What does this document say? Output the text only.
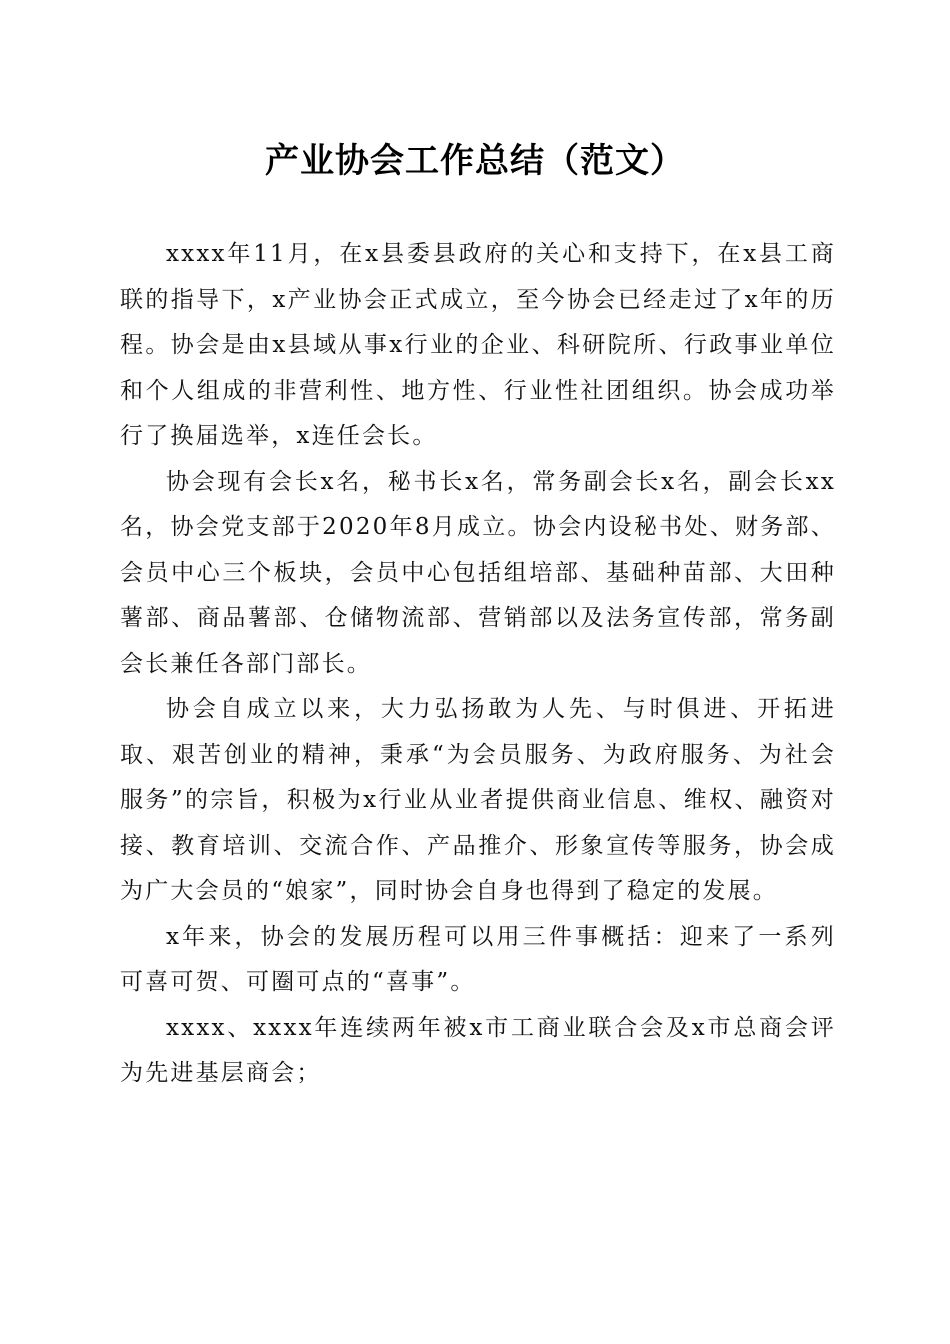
产业协会工作总结（范文）

xxxx年11月，在x县委县政府的关心和支持下，在x县工商联的指导下，x产业协会正式成立，至今协会已经走过了x年的历程。协会是由x县域从事x行业的企业、科研院所、行政事业单位和个人组成的非营利性、地方性、行业性社团组织。协会成功举行了换届选举，x连任会长。

协会现有会长x名，秘书长x名，常务副会长x名，副会长xx名，协会党支部于2020年8月成立。协会内设秘书处、财务部、会员中心三个板块，会员中心包括组培部、基础种苗部、大田种薯部、商品薯部、仓储物流部、营销部以及法务宣传部，常务副会长兼任各部门部长。

协会自成立以来，大力弘扬敢为人先、与时俱进、开拓进取、艰苦创业的精神，秉承“为会员服务、为政府服务、为社会服务”的宗旨，积极为x行业从业者提供商业信息、维权、融资对接、教育培训、交流合作、产品推介、形象宣传等服务，协会成为广大会员的“娘家”，同时协会自身也得到了稳定的发展。

x年来，协会的发展历程可以用三件事概括：迎来了一系列可喜可贺、可圈可点的“喜事”。

xxxx、xxxx年连续两年被x市工商业联合会及x市总商会评为先进基层商会；
